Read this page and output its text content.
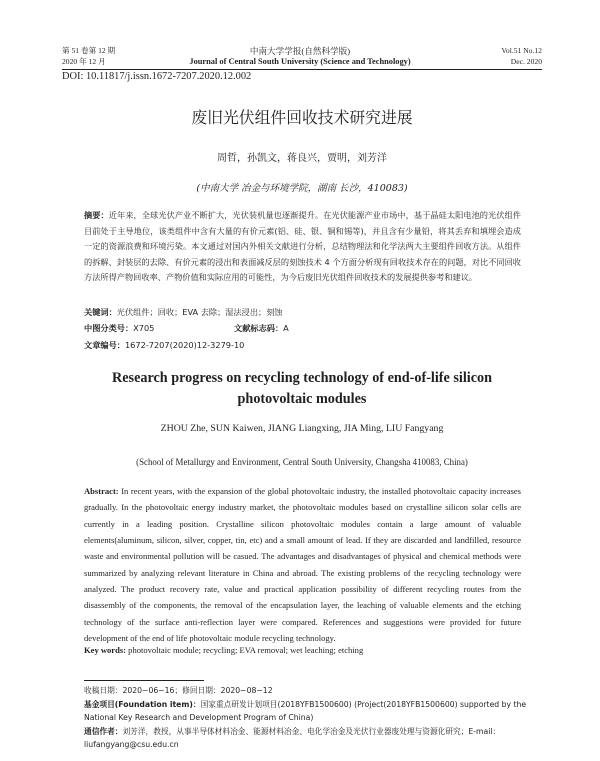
第 51 卷第 12 期
2020 年 12 月
中南大学学报(自然科学版)
Journal of Central South University (Science and Technology)
Vol.51 No.12
Dec. 2020
DOI: 10.11817/j.issn.1672-7207.2020.12.002
废旧光伏组件回收技术研究进展
周哲，孙凯文，蒋良兴，贾明，刘芳洋
(中南大学 冶金与环境学院，湖南 长沙，410083)
摘要：近年来，全球光伏产业不断扩大，光伏装机量也逐渐提升。在光伏能源产业市场中，基于晶硅太阳电池的光伏组件目前处于主导地位，该类组件中含有大量的有价元素(铝、硅、银、铜和锡等)，并且含有少量铅，将其丢弃和填埋会造成一定的资源浪费和环境污染。本文通过对国内外相关文献进行分析，总结物理法和化学法两大主要组件回收方法。从组件的拆解、封装层的去除、有价元素的浸出和表面减反层的刻蚀技术 4 个方面分析现有回收技术存在的问题，对比不同回收方法所得产物回收率、产物价值和实际应用的可能性，为今后废旧光伏组件回收技术的发展提供参考和建议。
关键词：光伏组件；回收；EVA 去除；湿法浸出；刻蚀
中图分类号：X705	文献标志码：A
文章编号：1672-7207(2020)12-3279-10
Research progress on recycling technology of end-of-life silicon
photovoltaic modules
ZHOU Zhe, SUN Kaiwen, JIANG Liangxing, JIA Ming, LIU Fangyang
(School of Metallurgy and Environment, Central South University, Changsha 410083, China)
Abstract: In recent years, with the expansion of the global photovoltaic industry, the installed photovoltaic capacity increases gradually. In the photovoltaic energy industry market, the photovoltaic modules based on crystalline silicon solar cells are currently in a leading position. Crystalline silicon photovoltaic modules contain a large amount of valuable elements(aluminum, silicon, silver, copper, tin, etc) and a small amount of lead. If they are discarded and landfilled, resource waste and environmental pollution will be casued. The advantages and disadvantages of physical and chemical methods were summarized by analyzing relevant literature in China and abroad. The existing problems of the recycling technology were analyzed. The product recovery rate, value and practical application possibility of different recycling routes from the disassembly of the components, the removal of the encapsulation layer, the leaching of valuable elements and the etching technology of the surface anti-reflection layer were compared. References and suggestions were provided for future development of the end of life photovoltaic module recycling technology.
Key words: photovoltaic module; recycling; EVA removal; wet leaching; etching
收稿日期：2020−06−16；修回日期：2020−08−12
基金项目(Foundation item)：国家重点研发计划项目(2018YFB1500600) (Project(2018YFB1500600) supported by the National Key Research and Development Program of China)
通信作者：刘芳洋，教授，从事半导体材料冶金、能源材料冶金、电化学冶金及光伏行业器废处理与资源化研究；E-mail：liufangyang@csu.edu.cn
